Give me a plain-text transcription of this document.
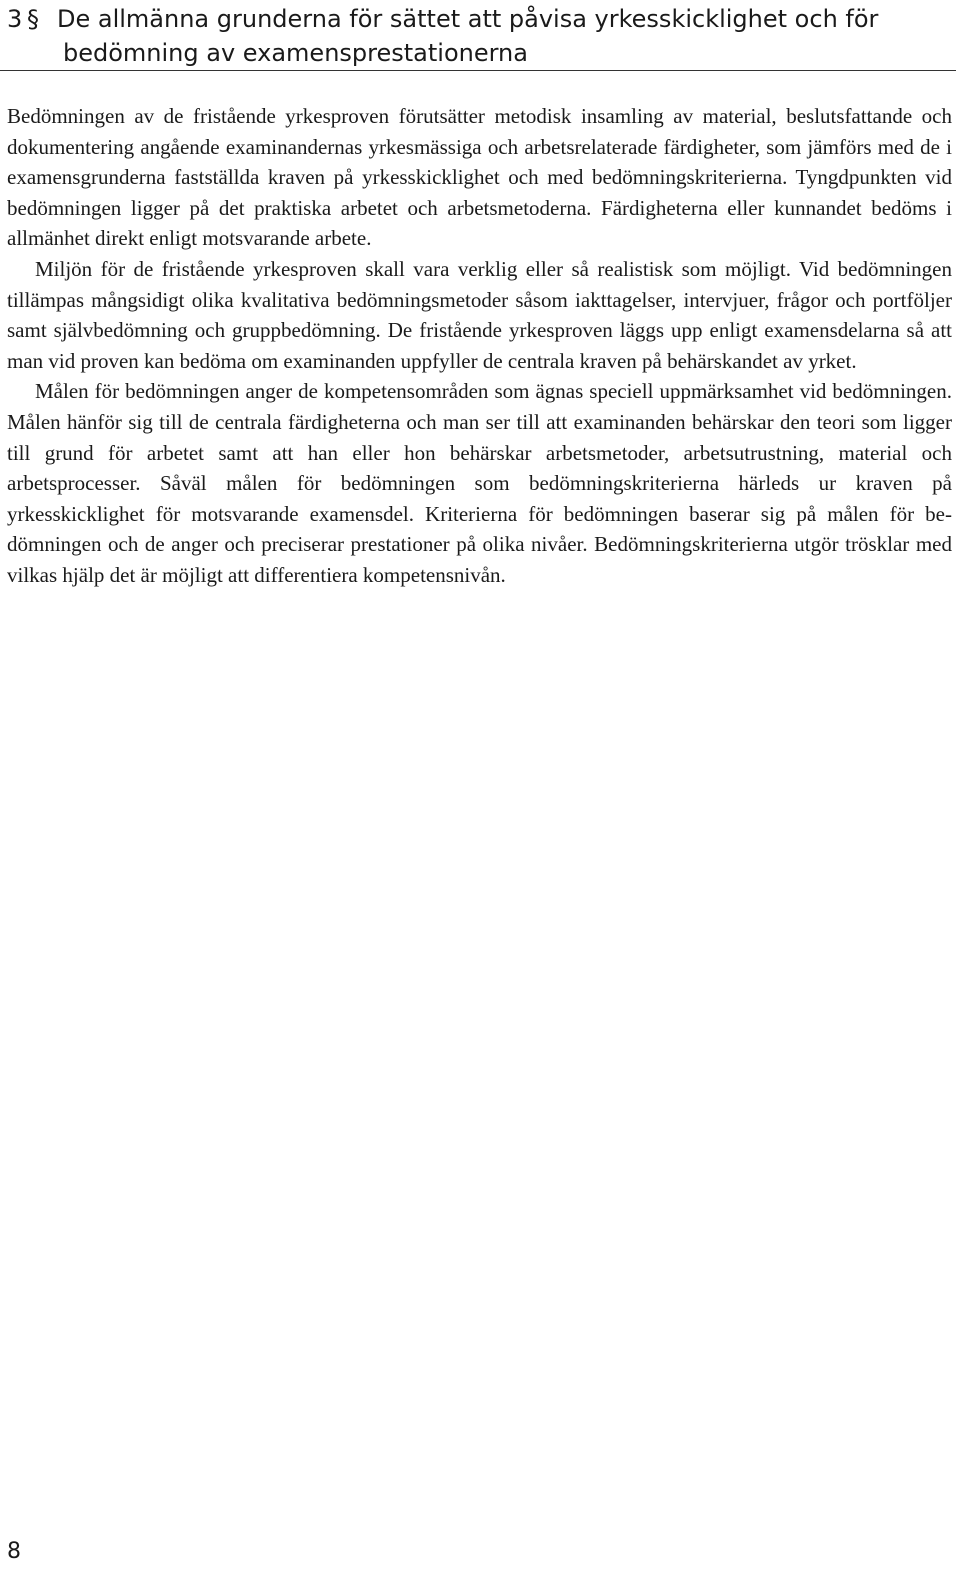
3 § De allmänna grunderna för sättet att påvisa yrkesskicklighet och för
bedömning av examensprestationerna

Bedömningen av de fristående yrkesproven förutsätter metodisk insamling av material, beslutsfattande och dokumentering angående examinandernas yrkesmässiga och arbetsrelaterade färdigheter, som jämförs med de i examensgrunderna fastställda kraven på yrkesskicklighet och med bedömningskriterierna. Tyngdpunkten vid bedömningen ligger på det praktiska arbetet och arbetsmetoderna. Färdigheterna eller kunnandet bedöms i allmänhet direkt enligt motsvarande arbete.

Miljön för de fristående yrkesproven skall vara verklig eller så realistisk som möjligt. Vid bedömningen tillämpas mångsidigt olika kvalitativa bedömningsmetoder såsom iakttagelser, intervjuer, frågor och portföljer samt självbedömning och gruppbedömning. De fristående yrkesproven läggs upp enligt examensdelarna så att man vid proven kan bedöma om examinanden uppfyller de centrala kraven på behärskandet av yrket.

Målen för bedömningen anger de kompetensområden som ägnas speciell uppmärksamhet vid bedömningen. Målen hänför sig till de centrala färdigheterna och man ser till att examinanden behärskar den teori som ligger till grund för arbetet samt att han eller hon behärskar arbetsmetoder, arbetsutrustning, material och arbetsprocesser. Såväl målen för bedömningen som bedömningskriterierna härleds ur kraven på yrkesskicklighet för motsvarande examensdel. Kriterierna för bedömningen baserar sig på målen för bedömningen och de anger och preciserar prestationer på olika nivåer. Bedömningskriterierna utgör trösklar med vilkas hjälp det är möjligt att differentiera kompetensnivån.

8
